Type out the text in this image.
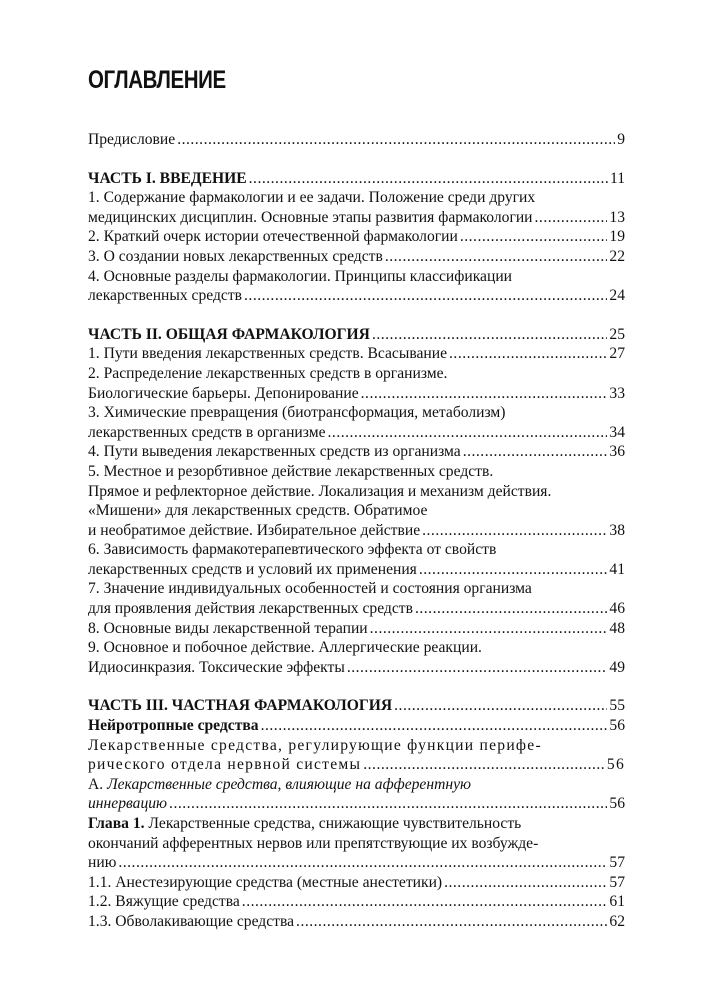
ОГЛАВЛЕНИЕ
Предисловие .....	9
ЧАСТЬ I. ВВЕДЕНИЕ .....	11
1. Содержание фармакологии и ее задачи. Положение среди других
медицинских дисциплин. Основные этапы развития фармакологии .....	13
2. Краткий очерк истории отечественной фармакологии .....	19
3. О создании новых лекарственных средств .....	22
4. Основные разделы фармакологии. Принципы классификации
лекарственных средств .....	24
ЧАСТЬ II. ОБЩАЯ ФАРМАКОЛОГИЯ .....	25
1. Пути введения лекарственных средств. Всасывание .....	27
2. Распределение лекарственных средств в организме.
Биологические барьеры. Депонирование .....	33
3. Химические превращения (биотрансформация, метаболизм)
лекарственных средств в организме .....	34
4. Пути выведения лекарственных средств из организма .....	36
5. Местное и резорбтивное действие лекарственных средств.
Прямое и рефлекторное действие. Локализация и механизм действия.
«Мишени» для лекарственных средств. Обратимое
и необратимое действие. Избирательное действие .....	38
6. Зависимость фармакотерапевтического эффекта от свойств
лекарственных средств и условий их применения .....	41
7. Значение индивидуальных особенностей и состояния организма
для проявления действия лекарственных средств .....	46
8. Основные виды лекарственной терапии .....	48
9. Основное и побочное действие. Аллергические реакции.
Идиосинкразия. Токсические эффекты .....	49
ЧАСТЬ III. ЧАСТНАЯ ФАРМАКОЛОГИЯ .....	55
Нейротропные средства .....	56
Лекарственные средства, регулирующие функции перифе-
рического отдела нервной системы .....	56
А. Лекарственные средства, влияющие на афферентную
иннервацию .....	56
Глава 1. Лекарственные средства, снижающие чувствительность
окончаний афферентных нервов или препятствующие их возбужде-
нию .....	57
1.1. Анестезирующие средства (местные анестетики) .....	57
1.2. Вяжущие средства .....	61
1.3. Обволакивающие средства .....	62
